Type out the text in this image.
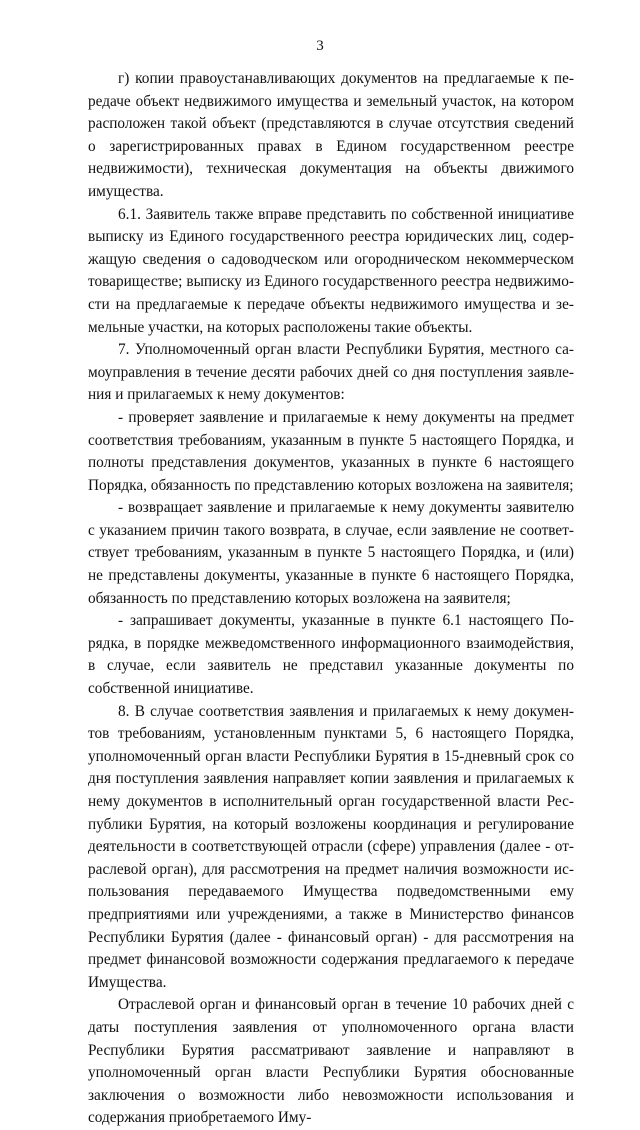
3

г) копии правоустанавливающих документов на предлагаемые к передаче объект недвижимого имущества и земельный участок, на котором расположен такой объект (представляются в случае отсутствия сведений о зарегистрированных правах в Едином государственном реестре недвижимости), техническая документация на объекты движимого имущества.

6.1. Заявитель также вправе представить по собственной инициативе выписку из Единого государственного реестра юридических лиц, содержащую сведения о садоводческом или огородническом некоммерческом товариществе; выписку из Единого государственного реестра недвижимости на предлагаемые к передаче объекты недвижимого имущества и земельные участки, на которых расположены такие объекты.

7. Уполномоченный орган власти Республики Бурятия, местного самоуправления в течение десяти рабочих дней со дня поступления заявления и прилагаемых к нему документов:

- проверяет заявление и прилагаемые к нему документы на предмет соответствия требованиям, указанным в пункте 5 настоящего Порядка, и полноты представления документов, указанных в пункте 6 настоящего Порядка, обязанность по представлению которых возложена на заявителя;

- возвращает заявление и прилагаемые к нему документы заявителю с указанием причин такого возврата, в случае, если заявление не соответствует требованиям, указанным в пункте 5 настоящего Порядка, и (или) не представлены документы, указанные в пункте 6 настоящего Порядка, обязанность по представлению которых возложена на заявителя;

- запрашивает документы, указанные в пункте 6.1 настоящего Порядка, в порядке межведомственного информационного взаимодействия, в случае, если заявитель не представил указанные документы по собственной инициативе.

8. В случае соответствия заявления и прилагаемых к нему документов требованиям, установленным пунктами 5, 6 настоящего Порядка, уполномоченный орган власти Республики Бурятия в 15-дневный срок со дня поступления заявления направляет копии заявления и прилагаемых к нему документов в исполнительный орган государственной власти Республики Бурятия, на который возложены координация и регулирование деятельности в соответствующей отрасли (сфере) управления (далее - отраслевой орган), для рассмотрения на предмет наличия возможности использования передаваемого Имущества подведомственными ему предприятиями или учреждениями, а также в Министерство финансов Республики Бурятия (далее - финансовый орган) - для рассмотрения на предмет финансовой возможности содержания предлагаемого к передаче Имущества.

Отраслевой орган и финансовый орган в течение 10 рабочих дней с даты поступления заявления от уполномоченного органа власти Республики Бурятия рассматривают заявление и направляют в уполномоченный орган власти Республики Бурятия обоснованные заключения о возможности либо невозможности использования и содержания приобретаемого Иму-
